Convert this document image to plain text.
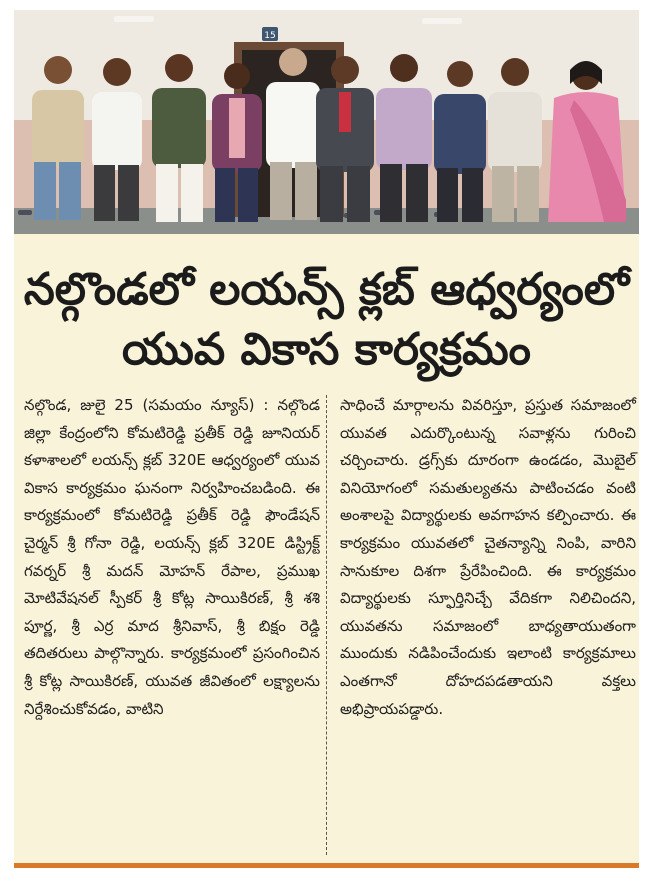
15
నల్గొండలో లయన్స్ క్లబ్ ఆధ్వర్యంలో
యువ వికాస కార్యక్రమం
నల్గొండ, జులై 25 (సమయం న్యూస్) : నల్గొండ జిల్లా కేంద్రంలోని కోమటిరెడ్డి ప్రతీక్ రెడ్డి జూనియర్ కళాశాలలో లయన్స్ క్లబ్ 320E ఆధ్వర్యంలో యువ వికాస కార్యక్రమం ఘనంగా నిర్వహించబడింది. ఈ కార్యక్రమంలో కోమటిరెడ్డి ప్రతీక్ రెడ్డి ఫౌండేషన్ చైర్మన్ శ్రీ గోనా రెడ్డి, లయన్స్ క్లబ్ 320E డిస్ట్రిక్ట్ గవర్నర్ శ్రీ మదన్ మోహన్ రేపాల, ప్రముఖ మోటివేషనల్ స్పీకర్ శ్రీ కోట్ల సాయికిరణ్, శ్రీ శశి పూర్ణ, శ్రీ ఎర్ర మాద శ్రీనివాస్, శ్రీ బిక్షం రెడ్డి తదితరులు పాల్గొన్నారు. కార్యక్రమంలో ప్రసంగించిన శ్రీ కోట్ల సాయికిరణ్, యువత జీవితంలో లక్ష్యాలను నిర్దేశించుకోవడం, వాటిని
సాధించే మార్గాలను వివరిస్తూ, ప్రస్తుత సమాజంలో యువత ఎదుర్కొంటున్న సవాళ్లను గురించి చర్చించారు. డ్రగ్స్‌కు దూరంగా ఉండడం, మొబైల్ వినియోగంలో సమతుల్యతను పాటించడం వంటి అంశాలపై విద్యార్థులకు అవగాహన కల్పించారు. ఈ కార్యక్రమం యువతలో చైతన్యాన్ని నింపి, వారిని సానుకూల దిశగా ప్రేరేపించింది. ఈ కార్యక్రమం విద్యార్థులకు స్ఫూర్తినిచ్చే వేదికగా నిలిచిందని, యువతను సమాజంలో బాధ్యతాయుతంగా ముందుకు నడిపించేందుకు ఇలాంటి కార్యక్రమాలు ఎంతగానో దోహదపడతాయని వక్తలు అభిప్రాయపడ్డారు.
